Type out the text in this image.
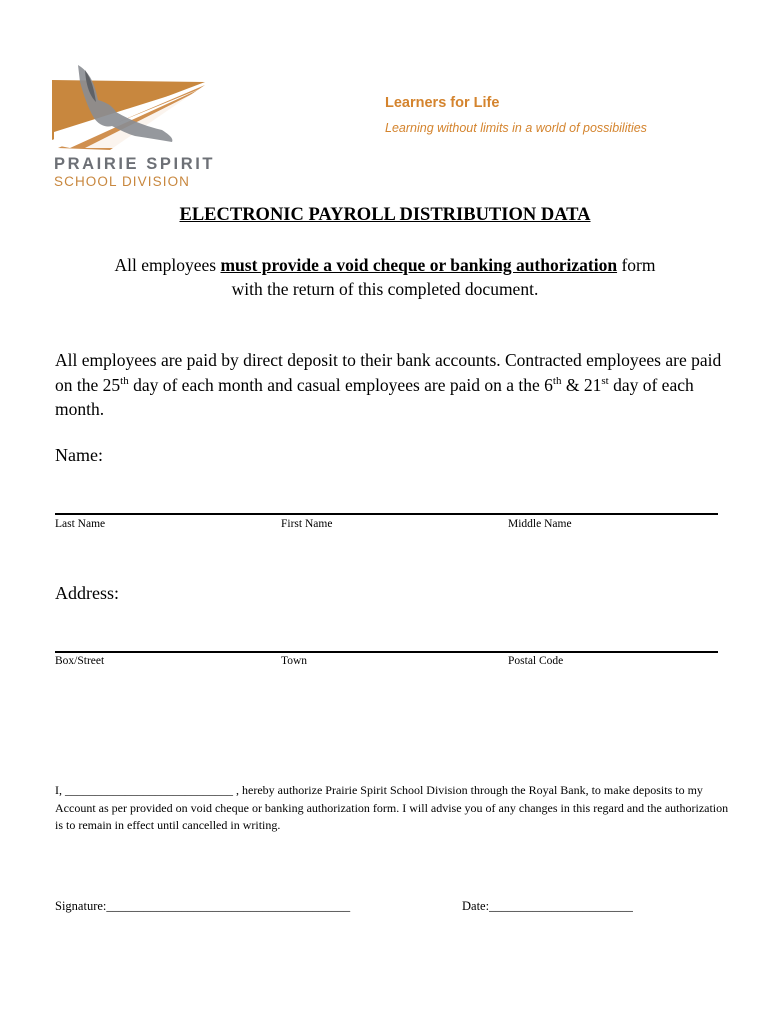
PRAIRIE SPIRIT
SCHOOL DIVISION
Learners for Life
Learning without limits in a world of possibilities
ELECTRONIC PAYROLL DISTRIBUTION DATA
All employees must provide a void cheque or banking authorization form
with the return of this completed document.
All employees are paid by direct deposit to their bank accounts. Contracted employees are paid on the 25th day of each month and casual employees are paid on a the 6th & 21st day of each month.
Name:
Last Name	First Name	Middle Name
Address:
Box/Street	Town	Postal Code
I, ____________________________ , hereby authorize Prairie Spirit School Division through the Royal Bank, to make deposits to my Account as per provided on void cheque or banking authorization form. I will advise you of any changes in this regard and the authorization is to remain in effect until cancelled in writing.
Signature:_______________________________________	Date:_______________________
